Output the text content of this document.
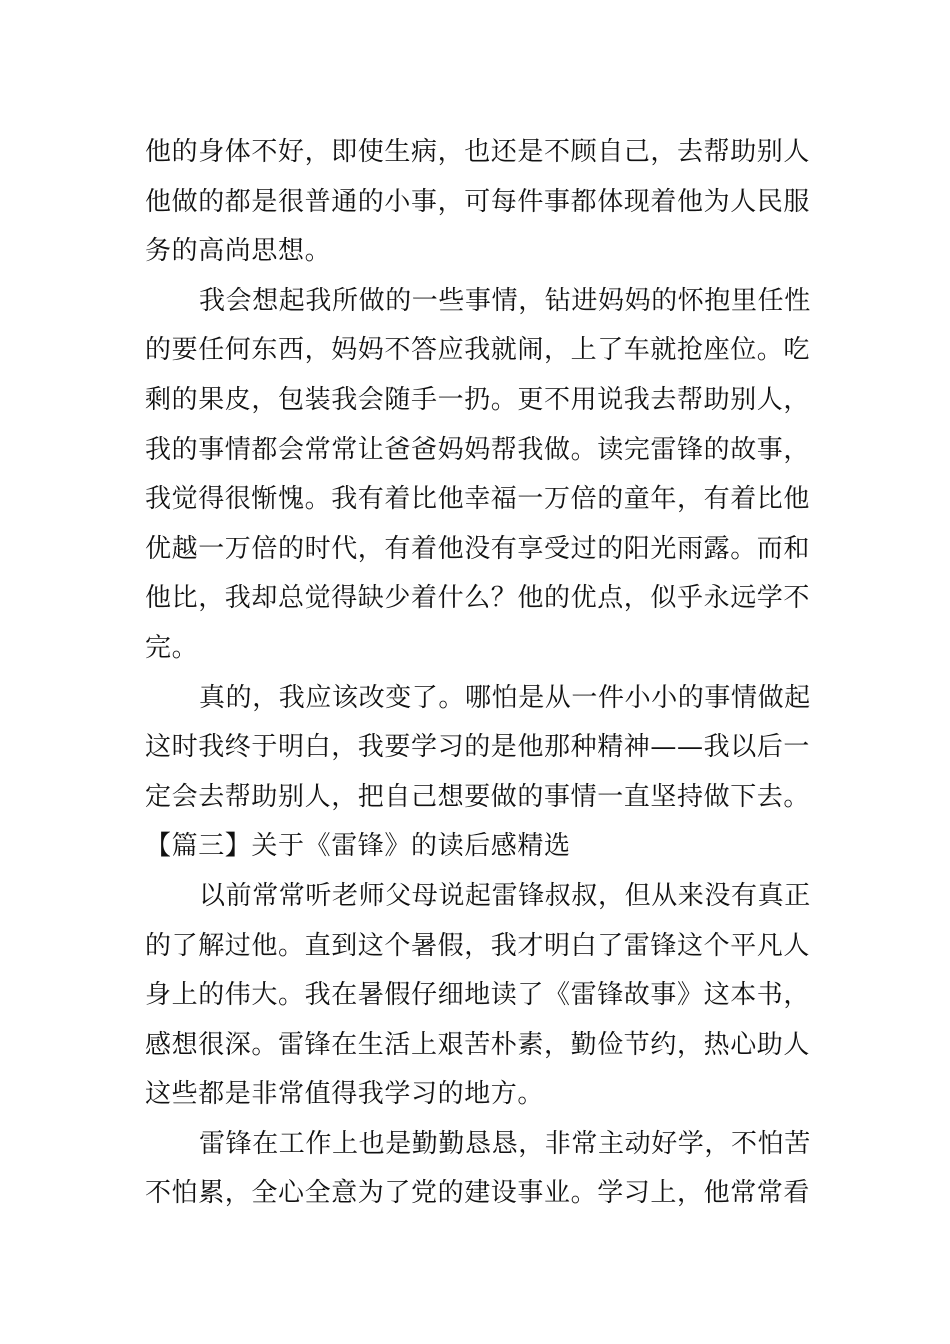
他的身体不好，即使生病，也还是不顾自己，去帮助别人
他做的都是很普通的小事，可每件事都体现着他为人民服
务的高尚思想。
我会想起我所做的一些事情，钻进妈妈的怀抱里任性
的要任何东西，妈妈不答应我就闹，上了车就抢座位。吃
剩的果皮，包装我会随手一扔。更不用说我去帮助别人，
我的事情都会常常让爸爸妈妈帮我做。读完雷锋的故事，
我觉得很惭愧。我有着比他幸福一万倍的童年，有着比他
优越一万倍的时代，有着他没有享受过的阳光雨露。而和
他比，我却总觉得缺少着什么？他的优点，似乎永远学不
完。
真的，我应该改变了。哪怕是从一件小小的事情做起
这时我终于明白，我要学习的是他那种精神——我以后一
定会去帮助别人，把自己想要做的事情一直坚持做下去。
【篇三】关于《雷锋》的读后感精选
以前常常听老师父母说起雷锋叔叔，但从来没有真正
的了解过他。直到这个暑假，我才明白了雷锋这个平凡人
身上的伟大。我在暑假仔细地读了《雷锋故事》这本书，
感想很深。雷锋在生活上艰苦朴素，勤俭节约，热心助人
这些都是非常值得我学习的地方。
雷锋在工作上也是勤勤恳恳，非常主动好学，不怕苦
不怕累，全心全意为了党的建设事业。学习上，他常常看
